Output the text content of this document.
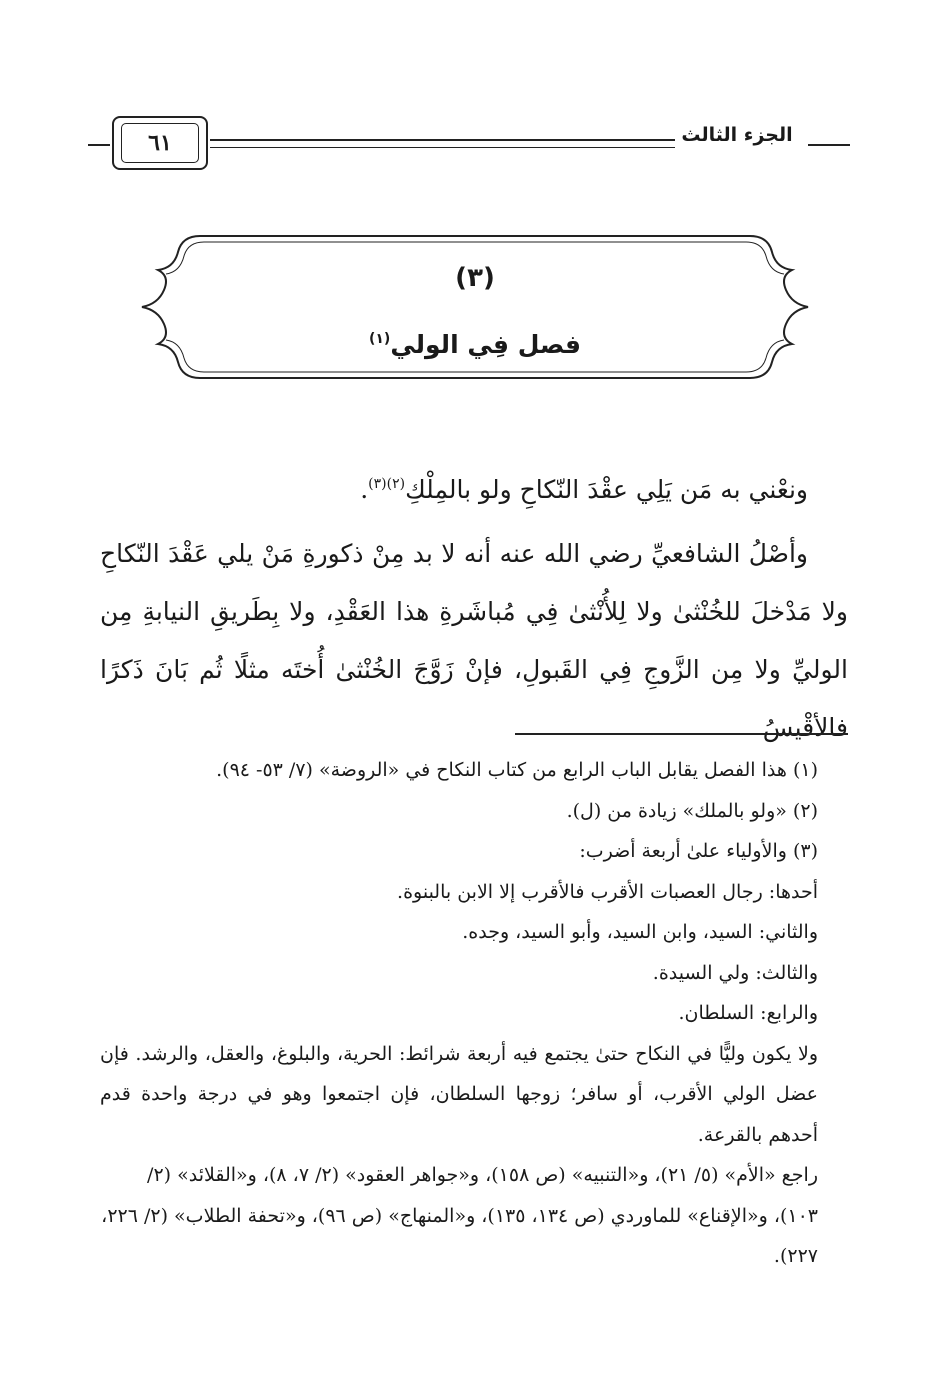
٦١	الجزء الثالث
(٣)
فصل فِي الولي$^{(١)}$

ونعْني به مَن يَلِي عقْدَ النّكاحِ ولو بالمِلْكِ$^{(٢)(٣)}$.

وأصْلُ الشافعيِّ رضي الله عنه أنه لا بد مِنْ ذكورةِ مَنْ يلي عَقْدَ النّكاحِ ولا مَدْخلَ للخُنْثىٰ ولا لِلأُنْثىٰ فِي مُباشَرةِ هذا العَقْدِ، ولا بِطَريقِ النيابةِ مِن الوليِّ ولا مِن الزَّوجِ فِي القَبولِ، فإنْ زَوَّجَ الخُنْثىٰ أُختَه مثلًا ثُم بَانَ ذَكرًا فالأقْيسُ

(١) هذا الفصل يقابل الباب الرابع من كتاب النكاح في «الروضة» (٧/ ٥٣- ٩٤).

(٢) «ولو بالملك» زيادة من (ل).

(٣) والأولياء علىٰ أربعة أضرب:

أحدها: رجال العصبات الأقرب فالأقرب إلا الابن بالبنوة.

والثاني: السيد، وابن السيد، وأبو السيد، وجده.

والثالث: ولي السيدة.

والرابع: السلطان.

ولا يكون وليًّا في النكاح حتىٰ يجتمع فيه أربعة شرائط: الحرية، والبلوغ، والعقل، والرشد. فإن عضل الولي الأقرب، أو سافر؛ زوجها السلطان، فإن اجتمعوا وهو في درجة واحدة قدم أحدهم بالقرعة.

راجع «الأم» (٥/ ٢١)، و«التنبيه» (ص ١٥٨)، و«جواهر العقود» (٢/ ٧، ٨)، و«القلائد» (٢/ ١٠٣)، و«الإقناع» للماوردي (ص ١٣٤، ١٣٥)، و«المنهاج» (ص ٩٦)، و«تحفة الطلاب» (٢/ ٢٢٦، ٢٢٧).
